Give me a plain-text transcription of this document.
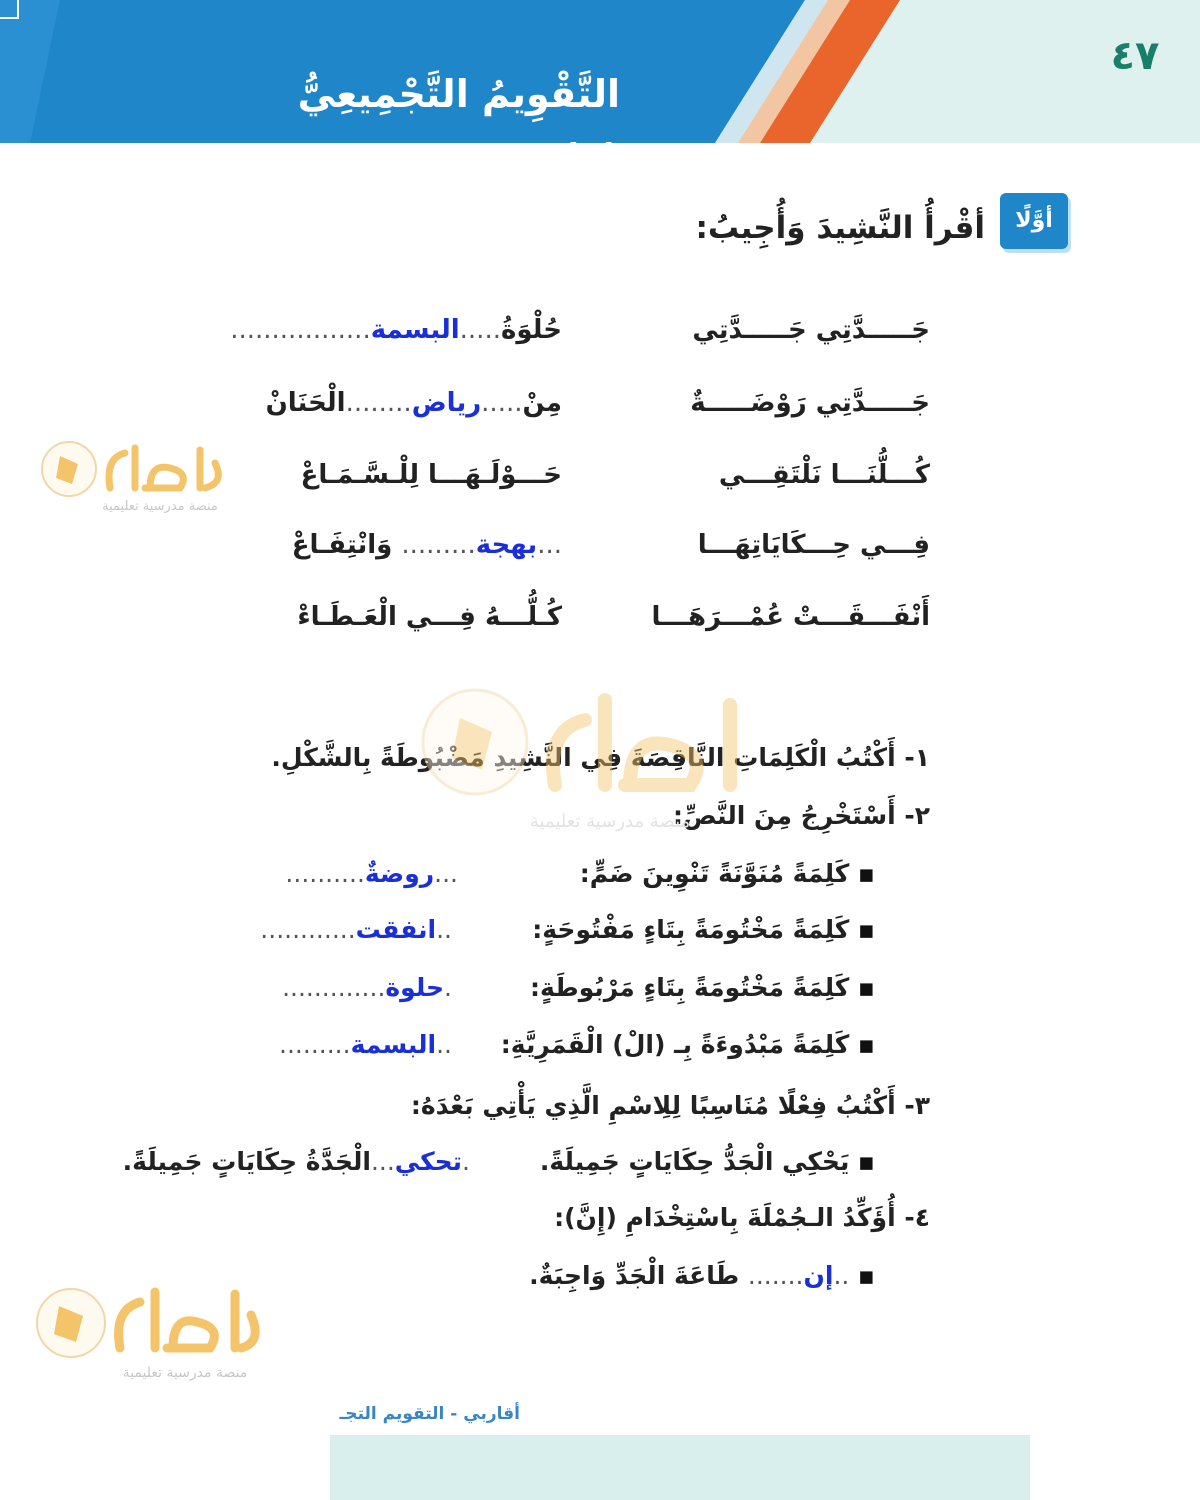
التَّقْوِيمُ التَّجْمِيعِيُّ (١)
٤٧
أوَّلًا
أقْرأُ النَّشِيدَ وَأُجِيبُ:
جَـــــدَّتِي جَـــــدَّتِي
حُلْوَةُ.....البسمة.................
جَـــــدَّتِي رَوْضَـــــةٌ
مِنْ.....رياض........الْحَنَانْ
كُـــلُّنَـــا نَلْتَقِـــي
حَـــوْلَـهَـــا لِلْـسَّـمَـاعْ
فِـــي حِـــكَايَاتِهَـــا
...بهجة......... وَانْتِفَـاعْ
أَنْفَـــقَـــتْ عُمْـــرَهَـــا
كُـلُّـــهُ فِـــي الْعَـطَـاءْ
١- أَكْتُبُ الْكَلِمَاتِ النَّاقِصَةَ فِي النَّشِيدِ مَضْبُوطَةً بِالشَّكْلِ.
٢- أَسْتَخْرِجُ مِنَ النَّصِّ:
▪ كَلِمَةً مُنَوَّنَةً تَنْوِينَ ضَمٍّ:
...روضةٌ..........
▪ كَلِمَةً مَخْتُومَةً بِتَاءٍ مَفْتُوحَةٍ:
..انفقت............
▪ كَلِمَةً مَخْتُومَةً بِتَاءٍ مَرْبُوطَةٍ:
.حلوة.............
▪ كَلِمَةً مَبْدُوءَةً بِـ (الْ) الْقَمَرِيَّةِ:
..البسمة.........
٣- أَكْتُبُ فِعْلًا مُنَاسِبًا لِلِاسْمِ الَّذِي يَأْتِي بَعْدَهُ:
▪ يَحْكِي الْجَدُّ حِكَايَاتٍ جَمِيلَةً.
.تحكي...الْجَدَّةُ حِكَايَاتٍ جَمِيلَةً.
٤- أُؤَكِّدُ الـجُمْلَةَ بِاسْتِخْدَامِ (إِنَّ):
▪ ..إن....... طَاعَةَ الْجَدِّ وَاجِبَةٌ.
منصة مدرسية تعليمية
منصة مدرسية تعليمية
منصة مدرسية تعليمية
أقاربي - التقويم التجـ
